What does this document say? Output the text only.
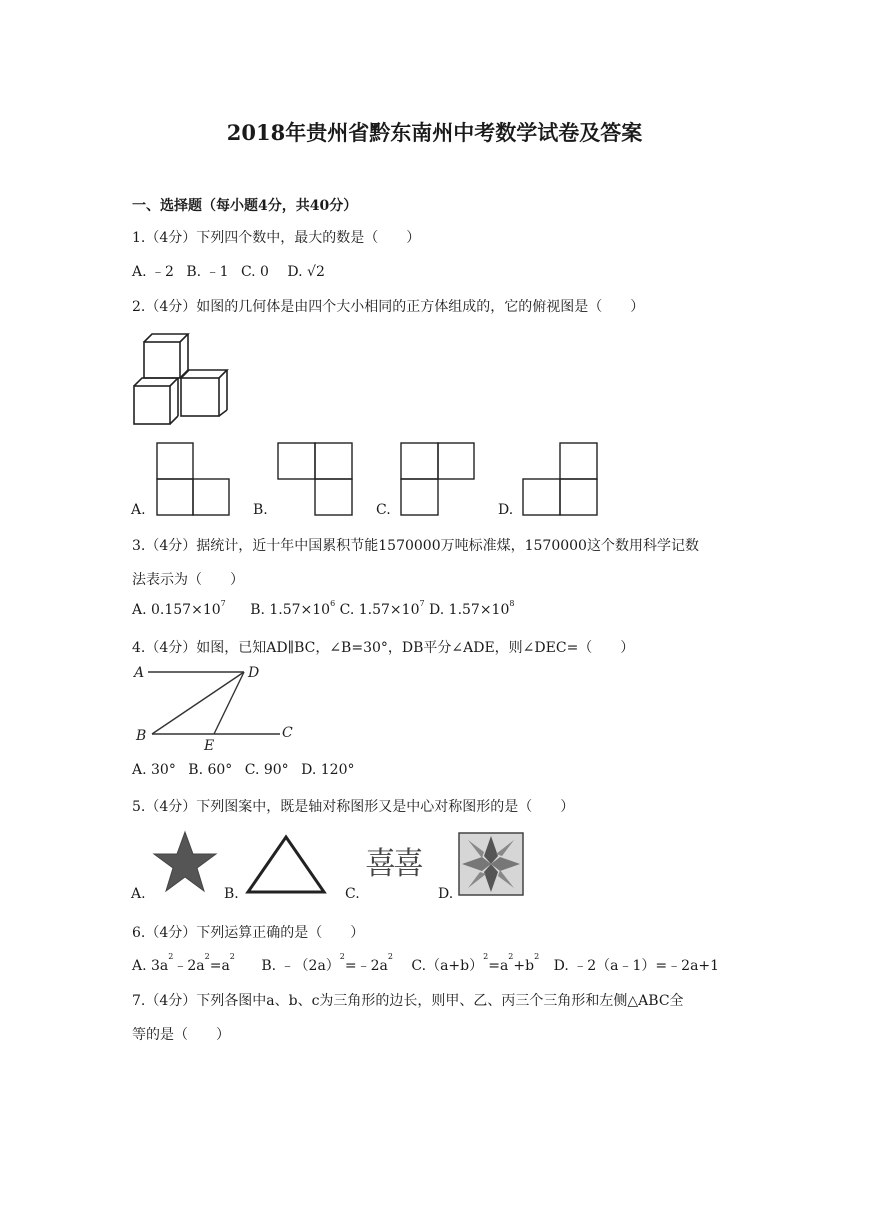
2018年贵州省黔东南州中考数学试卷及答案
一、选择题（每小题4分，共40分）
1.（4分）下列四个数中，最大的数是（　　）
A. ﹣2 B. ﹣1 C. 0 D. √2
2.（4分）如图的几何体是由四个大小相同的正方体组成的，它的俯视图是（　　）
A.	B.	C.	D.
3.（4分）据统计，近十年中国累积节能1570000万吨标准煤，1570000这个数用科学记数
法表示为（　　）
A. $0.157\times 10^7$ B. $1.57\times 10^6$ C. $1.57\times 10^7$ D. $1.57\times 10^8$
4.（4分）如图，已知AD∥BC，∠B=30°，DB平分∠ADE，则∠DEC=（　　）
A	D
B
E
C
A. 30° B. 60° C. 90° D. 120°
5.（4分）下列图案中，既是轴对称图形又是中心对称图形的是（　　）
A.	B.	C.
喜喜
D.
6.（4分）下列运算正确的是（　　）
A. $3a^2﹣2a^2=a^2$ B. $﹣(2a)^2=﹣2a^2$ $C.(a+b)^2=a^2+b^2$ D. ﹣2（a﹣1）=﹣2a+1
7.（4分）下列各图中a、b、c为三角形的边长，则甲、乙、丙三个三角形和左侧△ABC全
等的是（　　）
